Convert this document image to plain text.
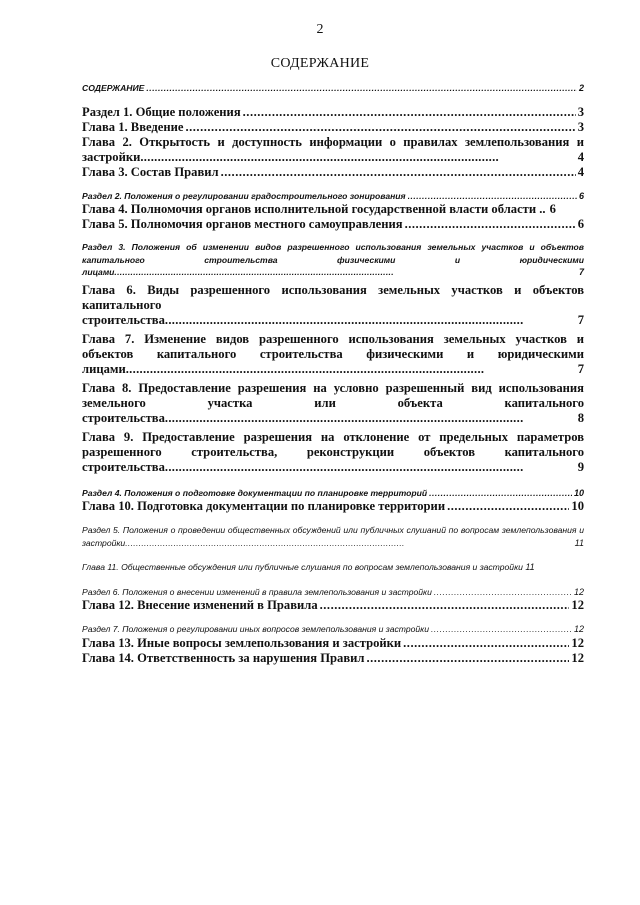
2
СОДЕРЖАНИЕ
СОДЕРЖАНИЕ .....	2
Раздел 1. Общие положения .....	3
Глава 1. Введение .....	3
Глава 2. Открытость и доступность информации о правилах землепользования и застройки .....	4
Глава 3. Состав Правил .....	4
Раздел 2. Положения о регулировании градостроительного зонирования .....	6
Глава 4. Полномочия органов исполнительной государственной власти области .. 6
Глава 5. Полномочия органов местного самоуправления .....	6
Раздел 3. Положения об изменении видов разрешенного использования земельных участков и объектов капитального строительства физическими и юридическими лицами .....	7
Глава 6. Виды разрешенного использования земельных участков и объектов капитального строительства .....	7
Глава 7. Изменение видов разрешенного использования земельных участков и объектов капитального строительства физическими и юридическими лицами .....	7
Глава 8. Предоставление разрешения на условно разрешенный вид использования земельного участка или объекта капитального строительства .....	8
Глава 9. Предоставление разрешения на отклонение от предельных параметров разрешенного строительства, реконструкции объектов капитального строительства .....	9
Раздел 4. Положения о подготовке документации по планировке территорий .....	10
Глава 10. Подготовка документации по планировке территории .....	10
Раздел 5. Положения о проведении общественных обсуждений или публичных слушаний по вопросам землепользования и застройки .....	11
Глава 11. Общественные обсуждения или публичные слушания по вопросам землепользования и застройки 11
Раздел 6. Положения о внесении изменений в правила землепользования и застройки .....	12
Глава 12. Внесение изменений в Правила .....	12
Раздел 7. Положения о регулировании иных вопросов землепользования и застройки .....	12
Глава 13. Иные вопросы землепользования и застройки .....	12
Глава 14. Ответственность за нарушения Правил .....	12
